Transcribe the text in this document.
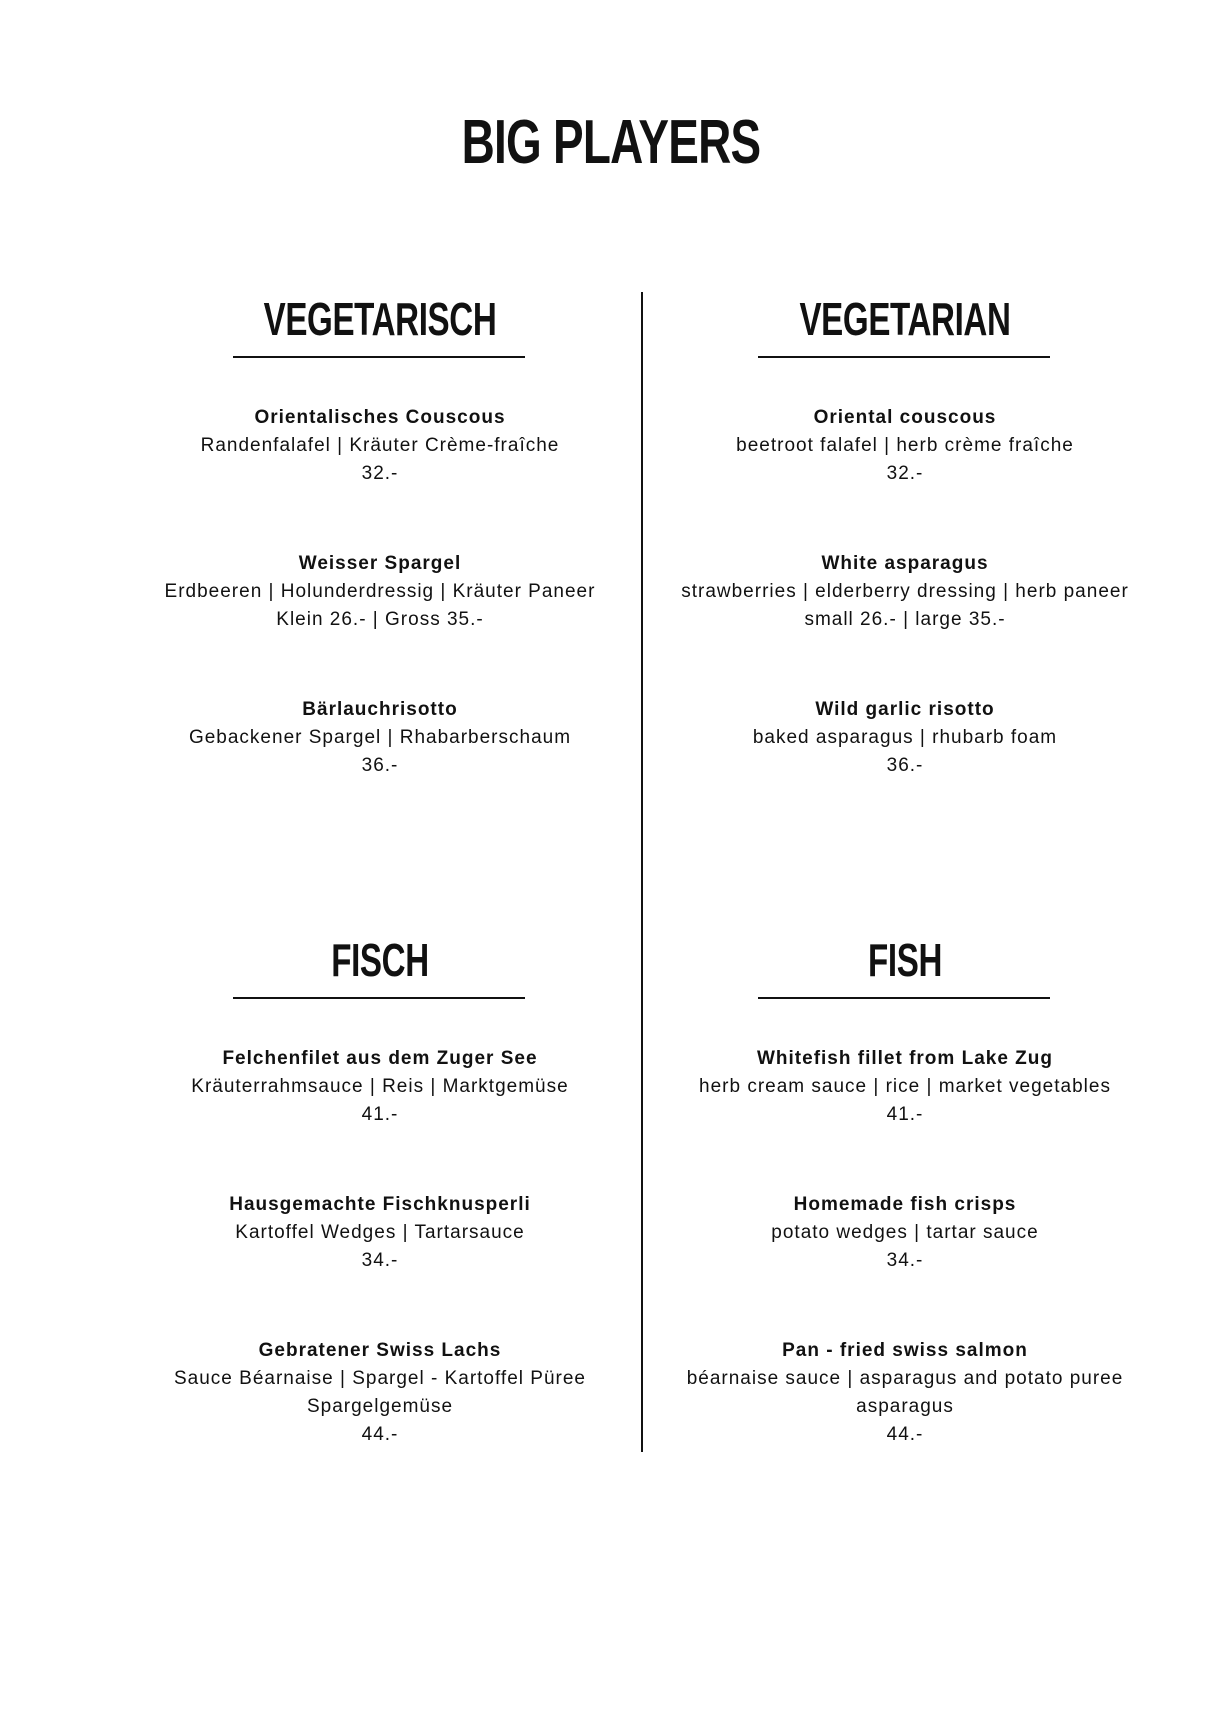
BIG PLAYERS
VEGETARISCH
Orientalisches Couscous
Randenfalafel | Kräuter Crème-fraîche
32.-
Weisser Spargel
Erdbeeren | Holunderdressig | Kräuter Paneer
Klein 26.- | Gross 35.-
Bärlauchrisotto
Gebackener Spargel | Rhabarberschaum
36.-
FISCH
Felchenfilet aus dem Zuger See
Kräuterrahmsauce | Reis | Marktgemüse
41.-
Hausgemachte Fischknusperli
Kartoffel Wedges | Tartarsauce
34.-
Gebratener Swiss Lachs
Sauce Béarnaise | Spargel - Kartoffel Püree
Spargelgemüse
44.-
VEGETARIAN
Oriental couscous
beetroot falafel | herb crème fraîche
32.-
White asparagus
strawberries | elderberry dressing | herb paneer
small 26.- | large 35.-
Wild garlic risotto
baked asparagus | rhubarb foam
36.-
FISH
Whitefish fillet from Lake Zug
herb cream sauce | rice | market vegetables
41.-
Homemade fish crisps
potato wedges | tartar sauce
34.-
Pan - fried swiss salmon
béarnaise sauce | asparagus and potato puree
asparagus
44.-
